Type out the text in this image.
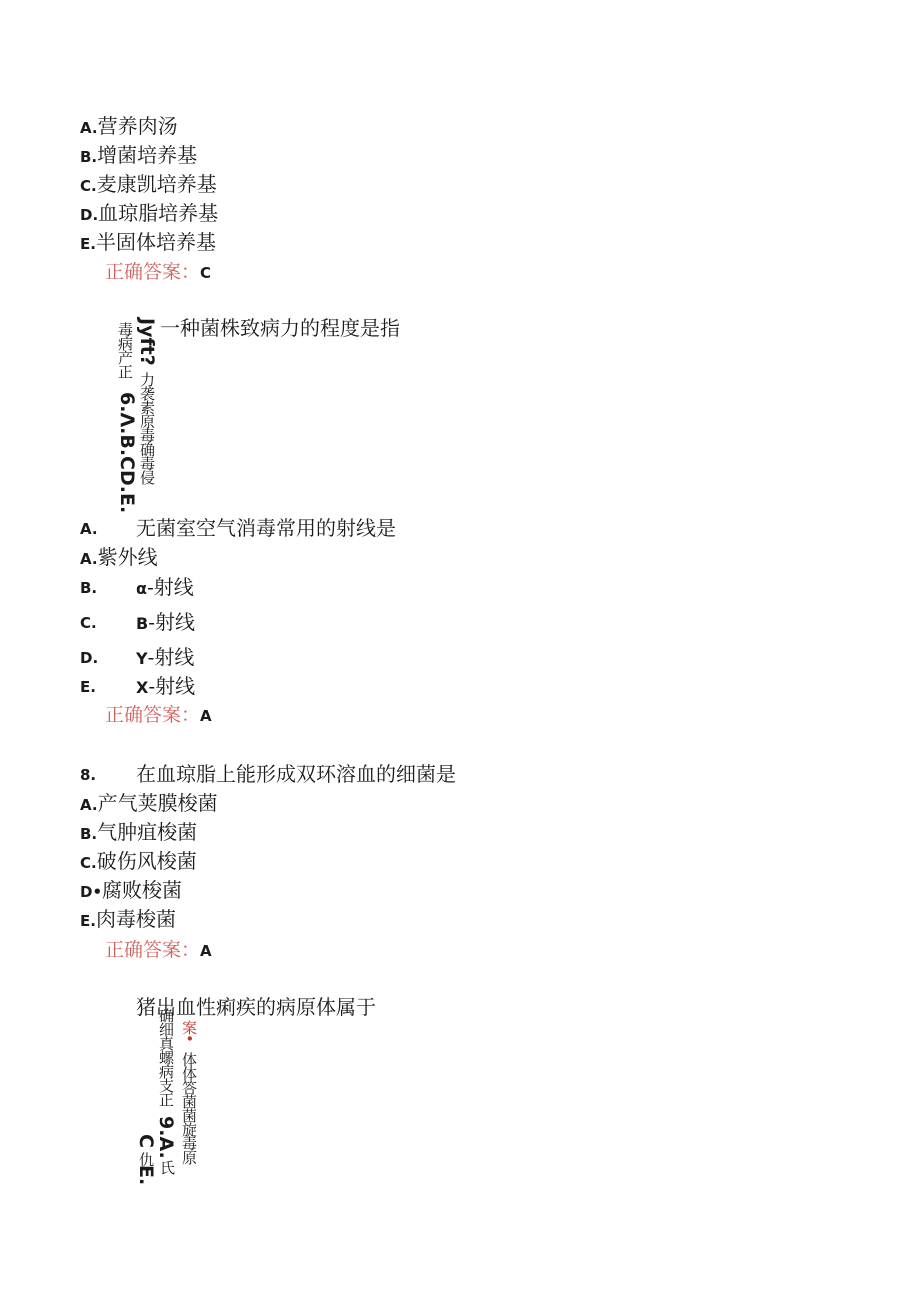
A.营养肉汤
B.增菌培养基
C.麦康凯培养基
D.血琼脂培养基
E.半固体培养基
正确答案：C
一种菌株致病力的程度是指
毒病产正 Jyft?
6.Λ.B.CD.E. 力袭素原毒确毒侵
A. 无菌室空气消毒常用的射线是
A.紫外线
B. α-射线
C. B-射线
D. Y-射线
E.	X-射线
正确答案：A
8. 在血琼脂上能形成双环溶血的细菌是
A.产气荚膜梭菌
B.气肿疽梭菌
C.破伤风梭菌
D•腐败梭菌
E.肉毒梭菌
正确答案：A
猪出血性痢疾的病原体属于
案•
体体答菌菌旋毒原
确细真螺病支正
9.A.
氏
C
仇
E.
